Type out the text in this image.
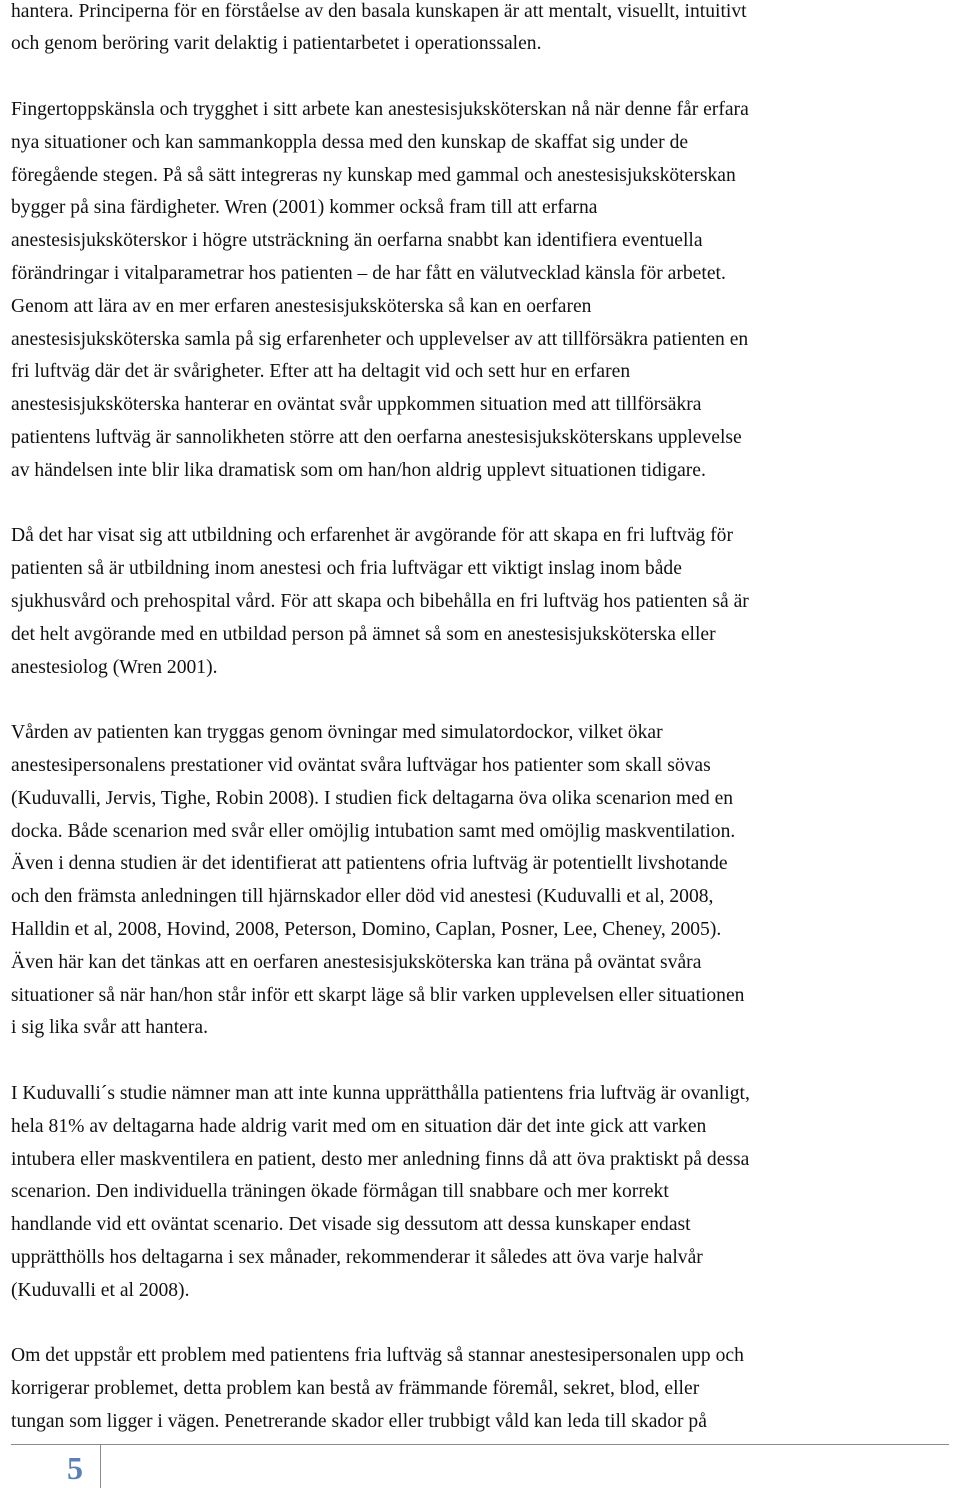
hantera. Principerna för en förståelse av den basala kunskapen är att mentalt, visuellt, intuitivt
och genom beröring varit delaktig i patientarbetet i operationssalen.
Fingertoppskänsla och trygghet i sitt arbete kan anestesisjuksköterskan nå när denne får erfara
nya situationer och kan sammankoppla dessa med den kunskap de skaffat sig under de
föregående stegen. På så sätt integreras ny kunskap med gammal och anestesisjuksköterskan
bygger på sina färdigheter. Wren (2001) kommer också fram till att erfarna
anestesisjuksköterskor i högre utsträckning än oerfarna snabbt kan identifiera eventuella
förändringar i vitalparametrar hos patienten – de har fått en välutvecklad känsla för arbetet.
Genom att lära av en mer erfaren anestesisjuksköterska så kan en oerfaren
anestesisjuksköterska samla på sig erfarenheter och upplevelser av att tillförsäkra patienten en
fri luftväg där det är svårigheter. Efter att ha deltagit vid och sett hur en erfaren
anestesisjuksköterska hanterar en oväntat svår uppkommen situation med att tillförsäkra
patientens luftväg är sannolikheten större att den oerfarna anestesisjuksköterskans upplevelse
av händelsen inte blir lika dramatisk som om han/hon aldrig upplevt situationen tidigare.
Då det har visat sig att utbildning och erfarenhet är avgörande för att skapa en fri luftväg för
patienten så är utbildning inom anestesi och fria luftvägar ett viktigt inslag inom både
sjukhusvård och prehospital vård. För att skapa och bibehålla en fri luftväg hos patienten så är
det helt avgörande med en utbildad person på ämnet så som en anestesisjuksköterska eller
anestesiolog (Wren 2001).
Vården av patienten kan tryggas genom övningar med simulatordockor, vilket ökar
anestesipersonalens prestationer vid oväntat svåra luftvägar hos patienter som skall sövas
(Kuduvalli, Jervis, Tighe, Robin 2008). I studien fick deltagarna öva olika scenarion med en
docka. Både scenarion med svår eller omöjlig intubation samt med omöjlig maskventilation.
Även i denna studien är det identifierat att patientens ofria luftväg är potentiellt livshotande
och den främsta anledningen till hjärnskador eller död vid anestesi (Kuduvalli et al, 2008,
Halldin et al, 2008, Hovind, 2008, Peterson, Domino, Caplan, Posner, Lee, Cheney, 2005).
Även här kan det tänkas att en oerfaren anestesisjuksköterska kan träna på oväntat svåra
situationer så när han/hon står inför ett skarpt läge så blir varken upplevelsen eller situationen
i sig lika svår att hantera.
I Kuduvalli´s studie nämner man att inte kunna upprätthålla patientens fria luftväg är ovanligt,
hela 81% av deltagarna hade aldrig varit med om en situation där det inte gick att varken
intubera eller maskventilera en patient, desto mer anledning finns då att öva praktiskt på dessa
scenarion. Den individuella träningen ökade förmågan till snabbare och mer korrekt
handlande vid ett oväntat scenario. Det visade sig dessutom att dessa kunskaper endast
upprätthölls hos deltagarna i sex månader, rekommenderar it således att öva varje halvår
(Kuduvalli et al 2008).
Om det uppstår ett problem med patientens fria luftväg så stannar anestesipersonalen upp och
korrigerar problemet, detta problem kan bestå av främmande föremål, sekret, blod, eller
tungan som ligger i vägen. Penetrerande skador eller trubbigt våld kan leda till skador på
5
